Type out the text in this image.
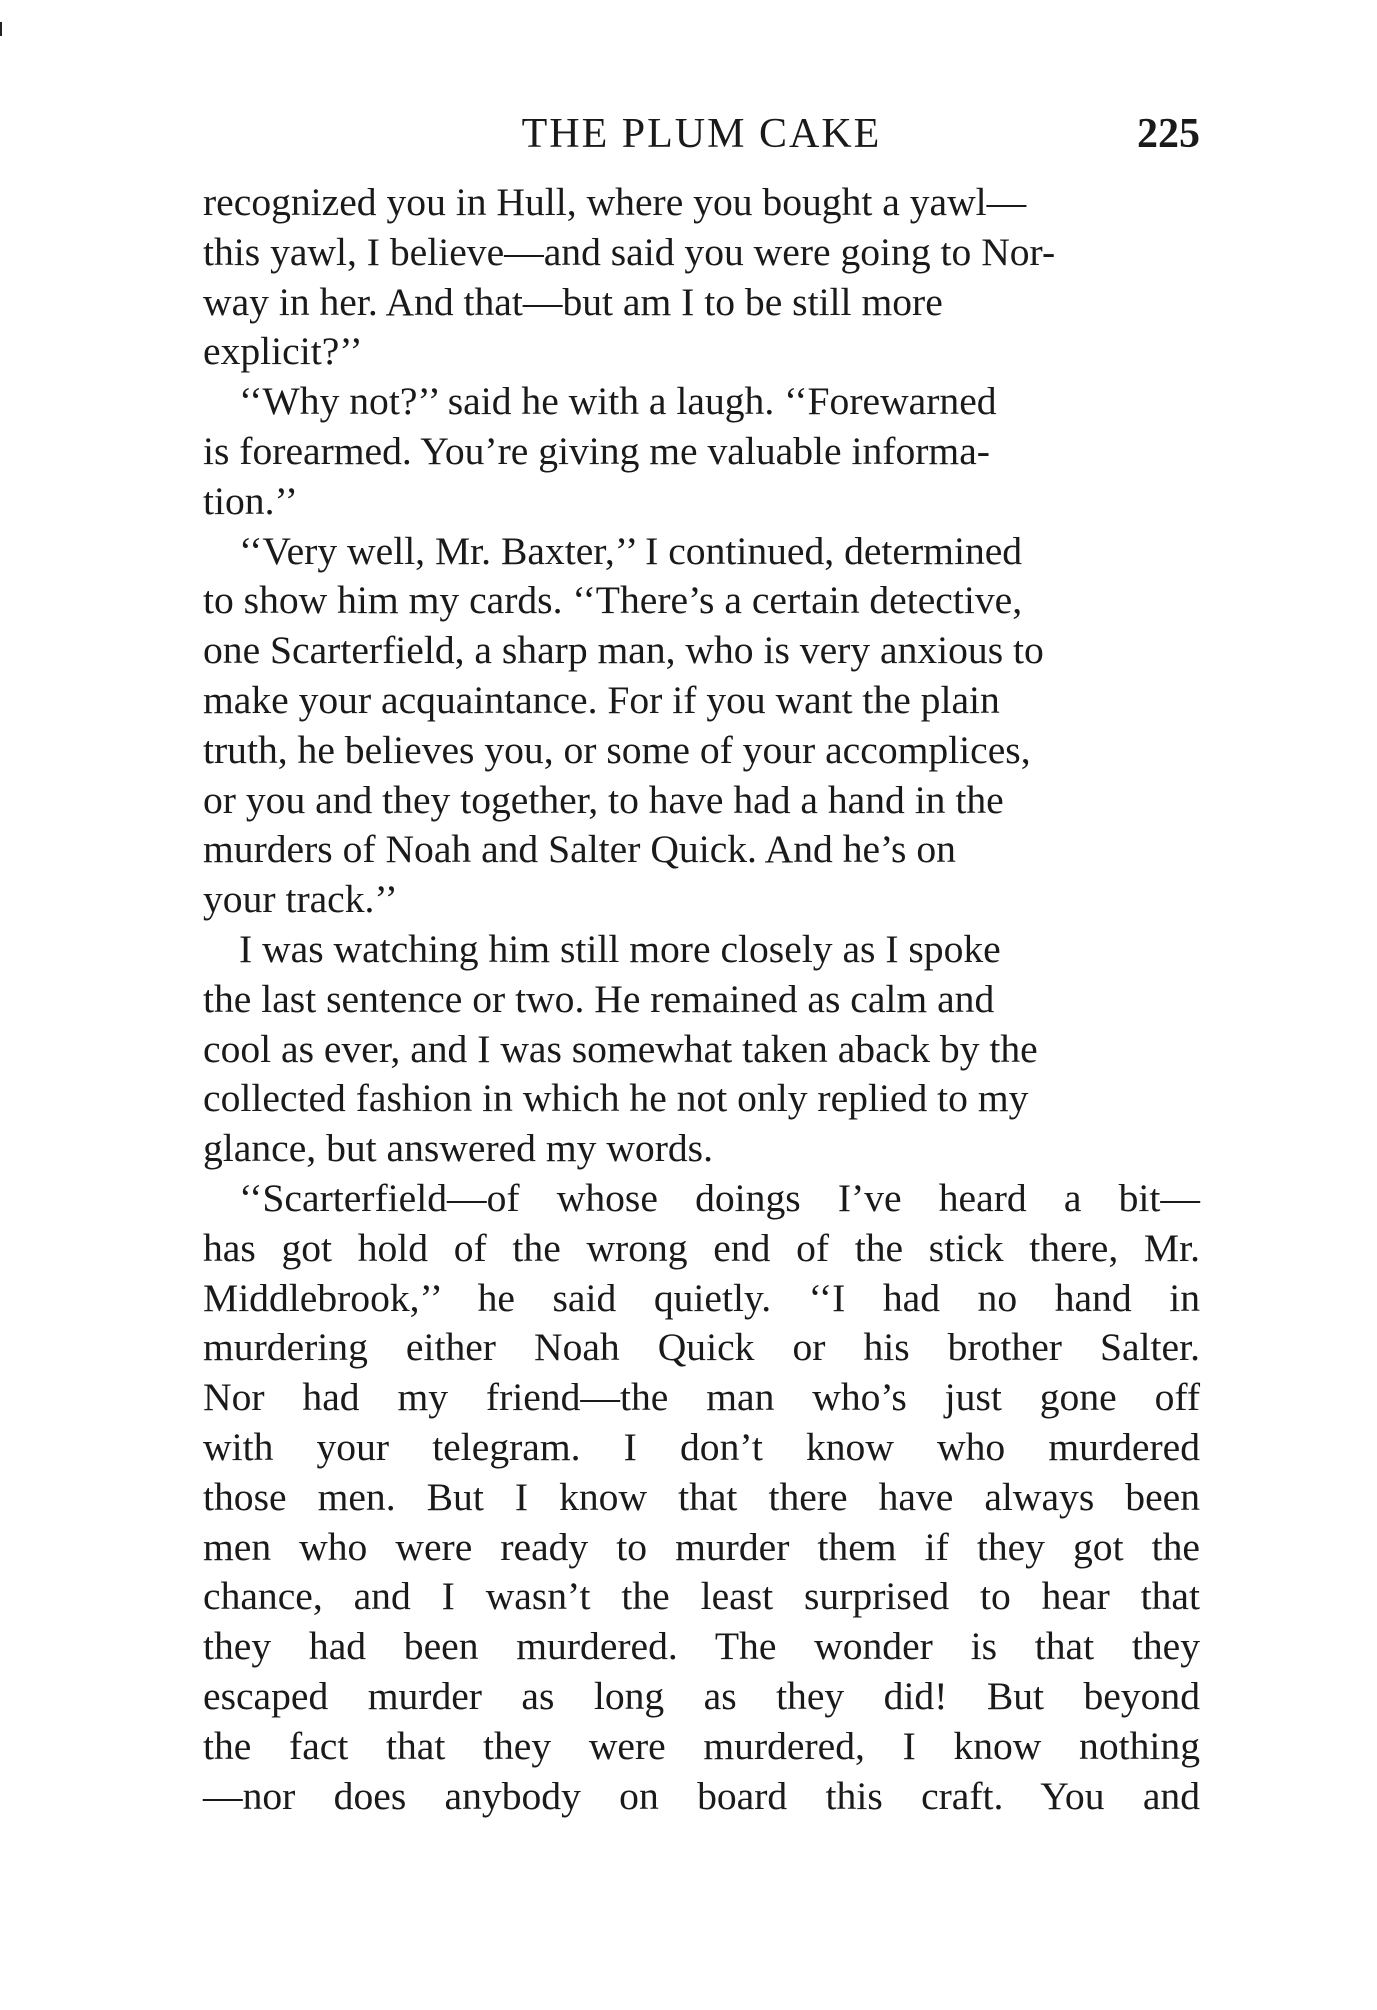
THE PLUM CAKE	225

recognized you in Hull, where you bought a yawl—
this yawl, I believe—and said you were going to Nor-
way in her. And that—but am I to be still more
explicit?’’

‘‘Why not?’’ said he with a laugh. ‘‘Forewarned
is forearmed. You’re giving me valuable informa-
tion.’’

‘‘Very well, Mr. Baxter,’’ I continued, determined
to show him my cards. ‘‘There’s a certain detective,
one Scarterfield, a sharp man, who is very anxious to
make your acquaintance. For if you want the plain
truth, he believes you, or some of your accomplices,
or you and they together, to have had a hand in the
murders of Noah and Salter Quick. And he’s on
your track.’’

I was watching him still more closely as I spoke
the last sentence or two. He remained as calm and
cool as ever, and I was somewhat taken aback by the
collected fashion in which he not only replied to my
glance, but answered my words.

‘‘Scarterfield—of whose doings I’ve heard a bit—
has got hold of the wrong end of the stick there, Mr.
Middlebrook,’’ he said quietly. ‘‘I had no hand in
murdering either Noah Quick or his brother Salter.
Nor had my friend—the man who’s just gone off
with your telegram. I don’t know who murdered
those men. But I know that there have always been
men who were ready to murder them if they got the
chance, and I wasn’t the least surprised to hear that
they had been murdered. The wonder is that they
escaped murder as long as they did! But beyond
the fact that they were murdered, I know nothing
—nor does anybody on board this craft. You and
